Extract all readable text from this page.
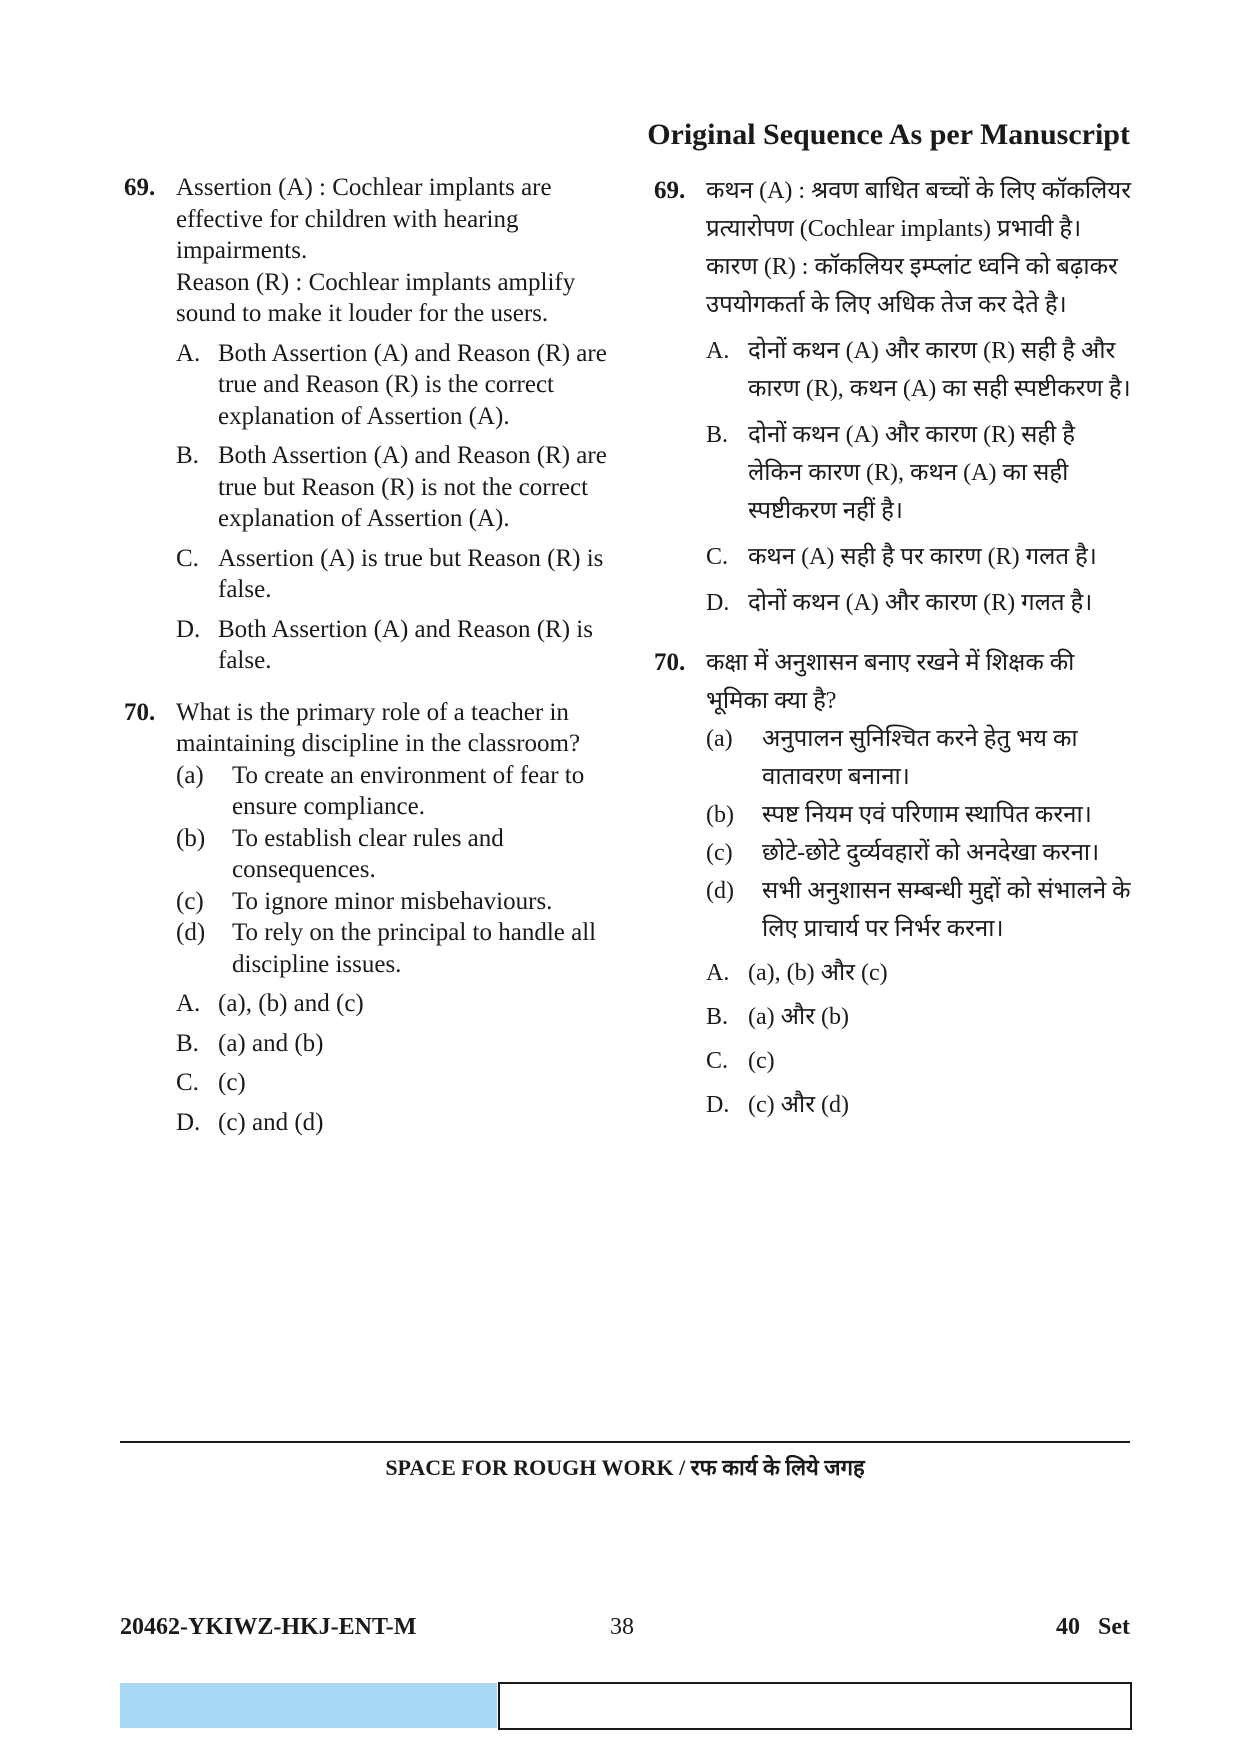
Original Sequence As per Manuscript
69. Assertion (A) : Cochlear implants are effective for children with hearing impairments.
Reason (R) : Cochlear implants amplify sound to make it louder for the users.
A. Both Assertion (A) and Reason (R) are true and Reason (R) is the correct explanation of Assertion (A).
B. Both Assertion (A) and Reason (R) are true but Reason (R) is not the correct explanation of Assertion (A).
C. Assertion (A) is true but Reason (R) is false.
D. Both Assertion (A) and Reason (R) is false.
70. What is the primary role of a teacher in maintaining discipline in the classroom?
(a) To create an environment of fear to ensure compliance.
(b) To establish clear rules and consequences.
(c) To ignore minor misbehaviours.
(d) To rely on the principal to handle all discipline issues.
A. (a), (b) and (c)
B. (a) and (b)
C. (c)
D. (c) and (d)
69. कथन (A) : श्रवण बाधित बच्चों के लिए कॉकलियर प्रत्यारोपण (Cochlear implants) प्रभावी है।
कारण (R) : कॉकलियर इम्प्लांट ध्वनि को बढ़ाकर उपयोगकर्ता के लिए अधिक तेज कर देते है।
A. दोनों कथन (A) और कारण (R) सही है और कारण (R), कथन (A) का सही स्पष्टीकरण है।
B. दोनों कथन (A) और कारण (R) सही है लेकिन कारण (R), कथन (A) का सही स्पष्टीकरण नहीं है।
C. कथन (A) सही है पर कारण (R) गलत है।
D. दोनों कथन (A) और कारण (R) गलत है।
70. कक्षा में अनुशासन बनाए रखने में शिक्षक की भूमिका क्या है?
(a) अनुपालन सुनिश्चित करने हेतु भय का वातावरण बनाना।
(b) स्पष्ट नियम एवं परिणाम स्थापित करना।
(c) छोटे-छोटे दुर्व्यवहारों को अनदेखा करना।
(d) सभी अनुशासन सम्बन्धी मुद्दों को संभालने के लिए प्राचार्य पर निर्भर करना।
A. (a), (b) और (c)
B. (a) और (b)
C. (c)
D. (c) और (d)
SPACE FOR ROUGH WORK / रफ कार्य के लिये जगह
20462-YKIWZ-HKJ-ENT-M	38	40   Set
